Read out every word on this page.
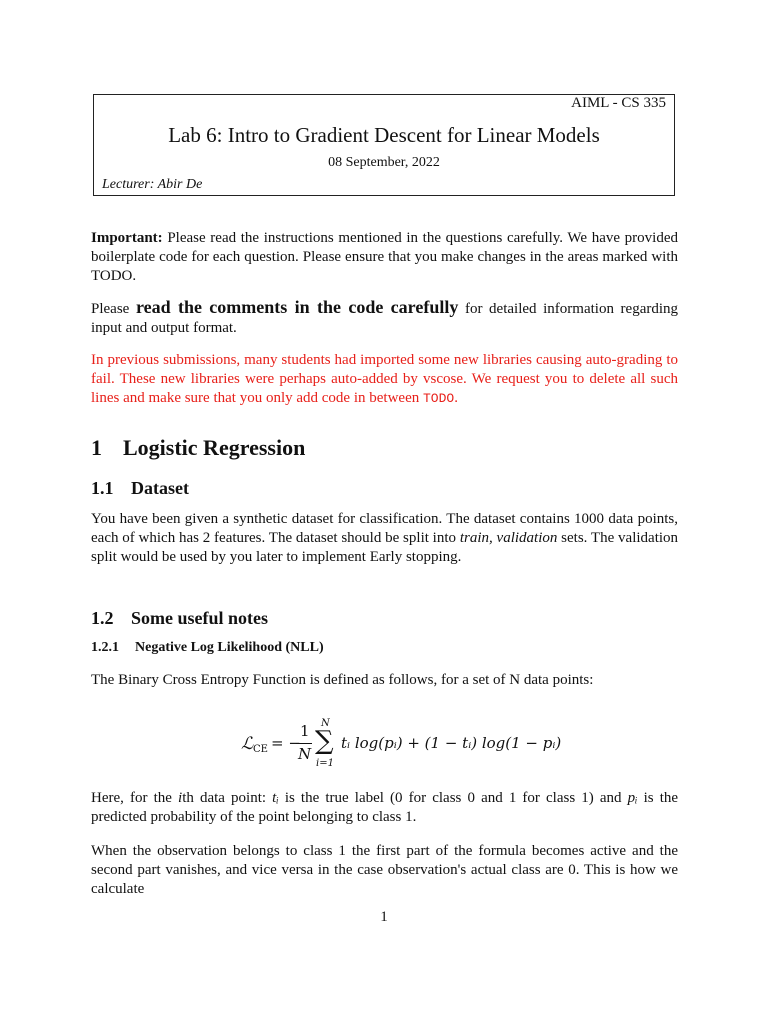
AIML - CS 335
Lab 6: Intro to Gradient Descent for Linear Models
08 September, 2022
Lecturer: Abir De
Important: Please read the instructions mentioned in the questions carefully. We have provided boilerplate code for each question. Please ensure that you make changes in the areas marked with TODO.
Please read the comments in the code carefully for detailed information regarding input and output format.
In previous submissions, many students had imported some new libraries causing auto-grading to fail. These new libraries were perhaps auto-added by vscose. We request you to delete all such lines and make sure that you only add code in between TODO.
1 Logistic Regression
1.1 Dataset
You have been given a synthetic dataset for classification. The dataset contains 1000 data points, each of which has 2 features. The dataset should be split into train, validation sets. The validation split would be used by you later to implement Early stopping.
1.2 Some useful notes
1.2.1 Negative Log Likelihood (NLL)
The Binary Cross Entropy Function is defined as follows, for a set of N data points:
ℒ CE = −
1
N
N
∑
i=1
tᵢ log(pᵢ) + (1 − tᵢ) log(1 − pᵢ)
Here, for the ith data point: tᵢ is the true label (0 for class 0 and 1 for class 1) and pᵢ is the predicted probability of the point belonging to class 1.
When the observation belongs to class 1 the first part of the formula becomes active and the second part vanishes, and vice versa in the case observation's actual class are 0. This is how we calculate
1
